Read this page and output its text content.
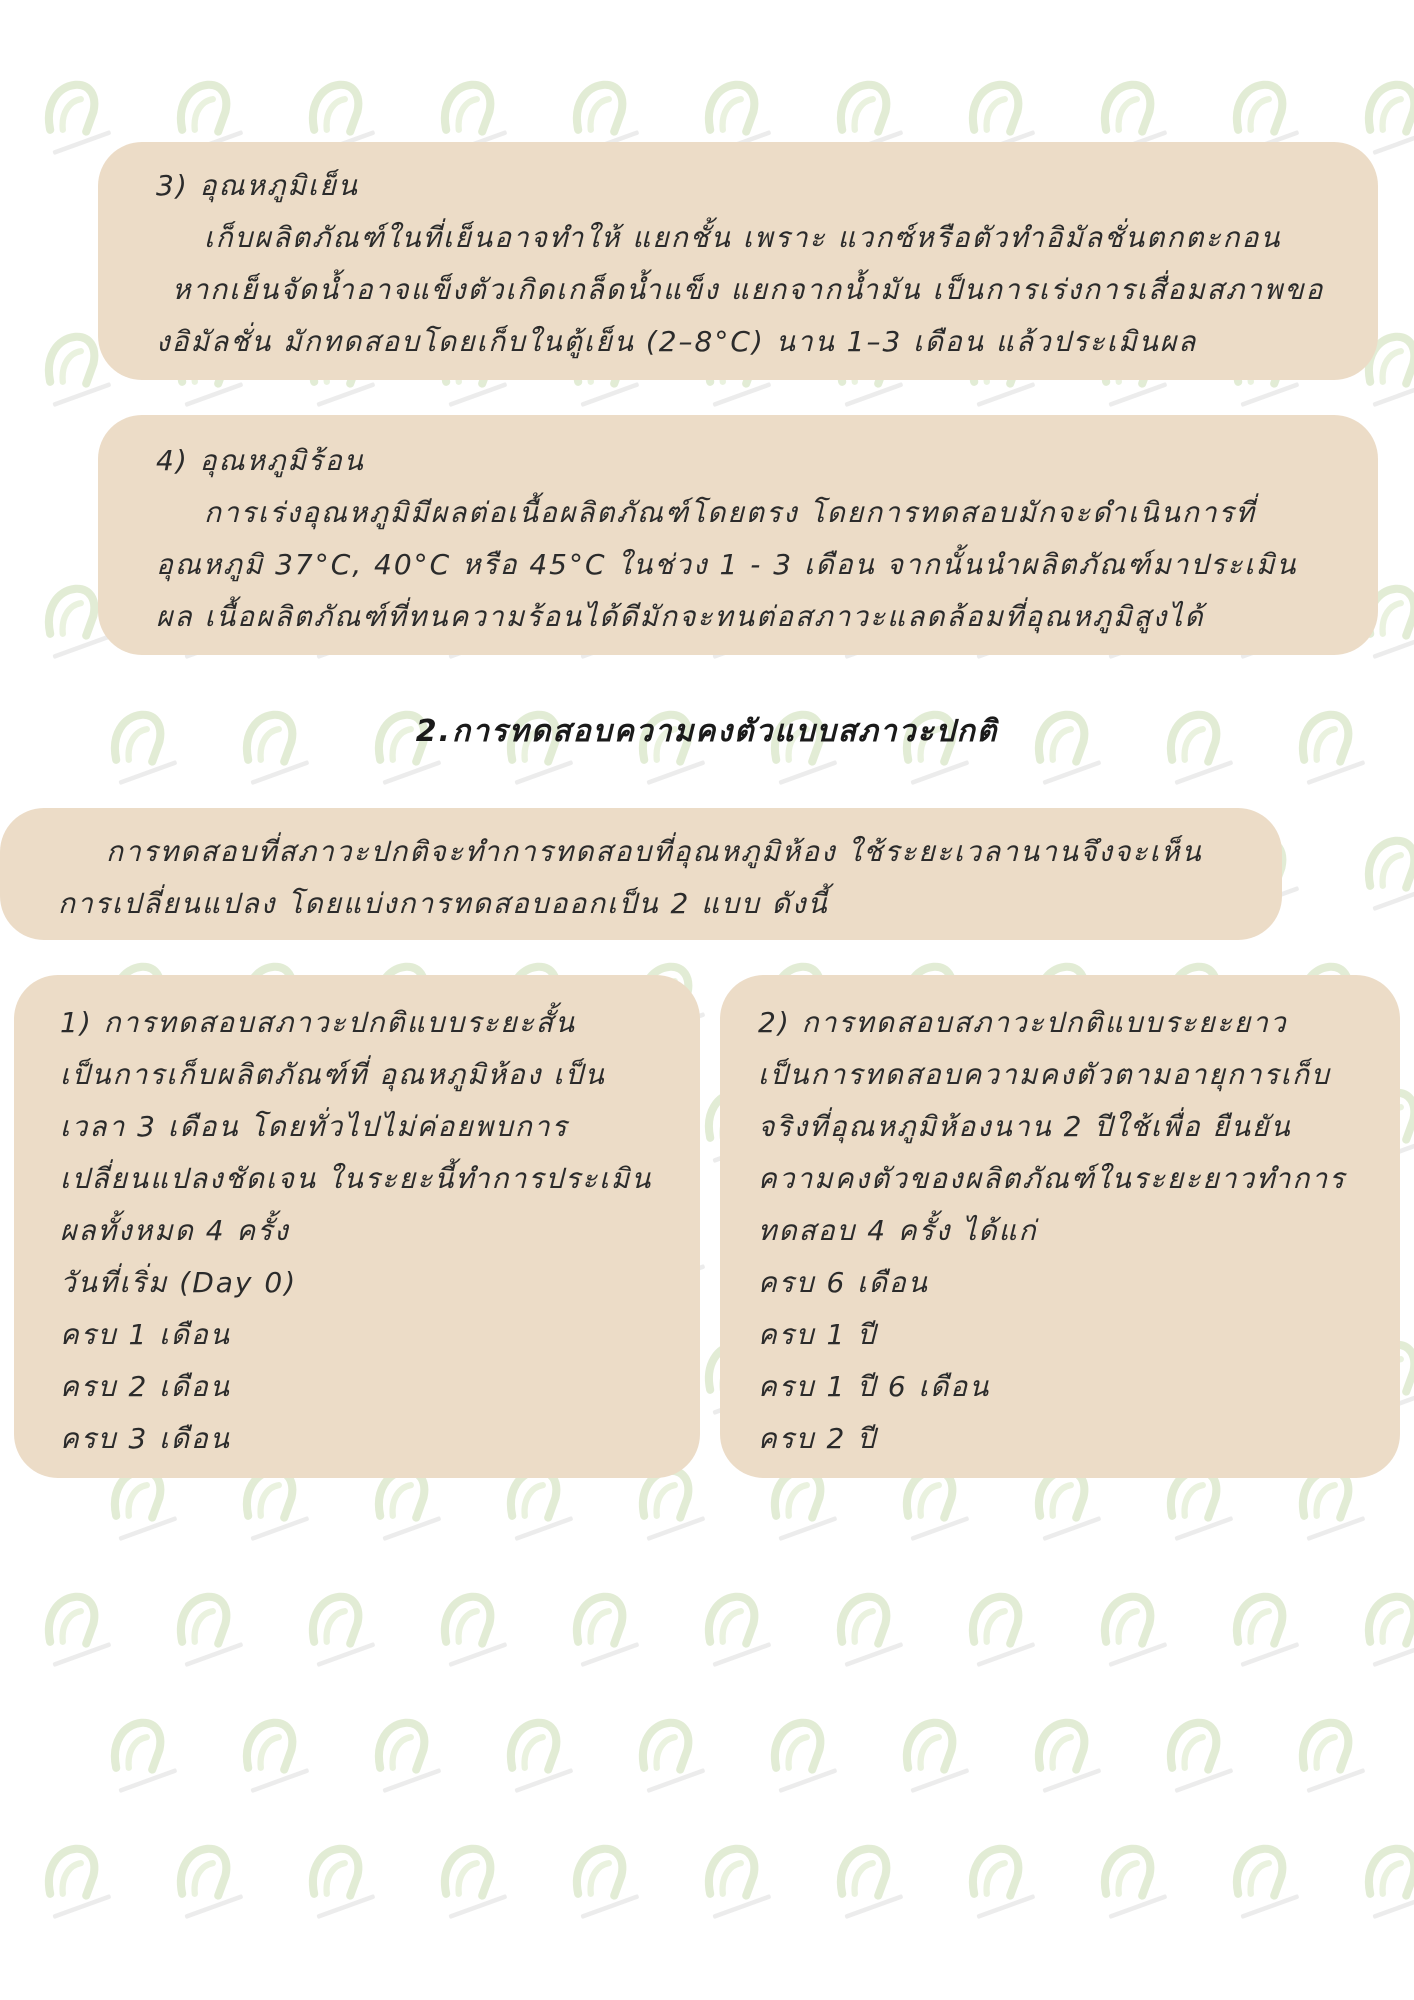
3) อุณหภูมิเย็น

เก็บผลิตภัณฑ์ในที่เย็นอาจทำให้ แยกชั้น เพราะ แวกซ์หรือตัวทำอิมัลชั่นตกตะกอน

หากเย็นจัดน้ำอาจแข็งตัวเกิดเกล็ดน้ำแข็ง แยกจากน้ำมัน เป็นการเร่งการเสื่อมสภาพขอ

งอิมัลชั่น มักทดสอบโดยเก็บในตู้เย็น (2–8°C) นาน 1–3 เดือน แล้วประเมินผล

4) อุณหภูมิร้อน

การเร่งอุณหภูมิมีผลต่อเนื้อผลิตภัณฑ์โดยตรง โดยการทดสอบมักจะดำเนินการที่

อุณหภูมิ 37°C, 40°C หรือ 45°C ในช่วง 1 - 3 เดือน จากนั้นนำผลิตภัณฑ์มาประเมิน

ผล เนื้อผลิตภัณฑ์ที่ทนความร้อนได้ดีมักจะทนต่อสภาวะแลดล้อมที่อุณหภูมิสูงได้

2.การทดสอบความคงตัวแบบสภาวะปกติ

การทดสอบที่สภาวะปกติจะทำการทดสอบที่อุณหภูมิห้อง ใช้ระยะเวลานานจึงจะเห็น

การเปลี่ยนแปลง โดยแบ่งการทดสอบออกเป็น 2 แบบ ดังนี้

1) การทดสอบสภาวะปกติแบบระยะสั้น

เป็นการเก็บผลิตภัณฑ์ที่ อุณหภูมิห้อง เป็น

เวลา 3 เดือน โดยทั่วไปไม่ค่อยพบการ

เปลี่ยนแปลงชัดเจน ในระยะนี้ทำการประเมิน

ผลทั้งหมด 4 ครั้ง

วันที่เริ่ม (Day 0)

ครบ 1 เดือน

ครบ 2 เดือน

ครบ 3 เดือน

2) การทดสอบสภาวะปกติแบบระยะยาว

เป็นการทดสอบความคงตัวตามอายุการเก็บ

จริงที่อุณหภูมิห้องนาน 2 ปีใช้เพื่อ ยืนยัน

ความคงตัวของผลิตภัณฑ์ในระยะยาวทำการ

ทดสอบ 4 ครั้ง ได้แก่

ครบ 6 เดือน

ครบ 1 ปี

ครบ 1 ปี 6 เดือน

ครบ 2 ปี
